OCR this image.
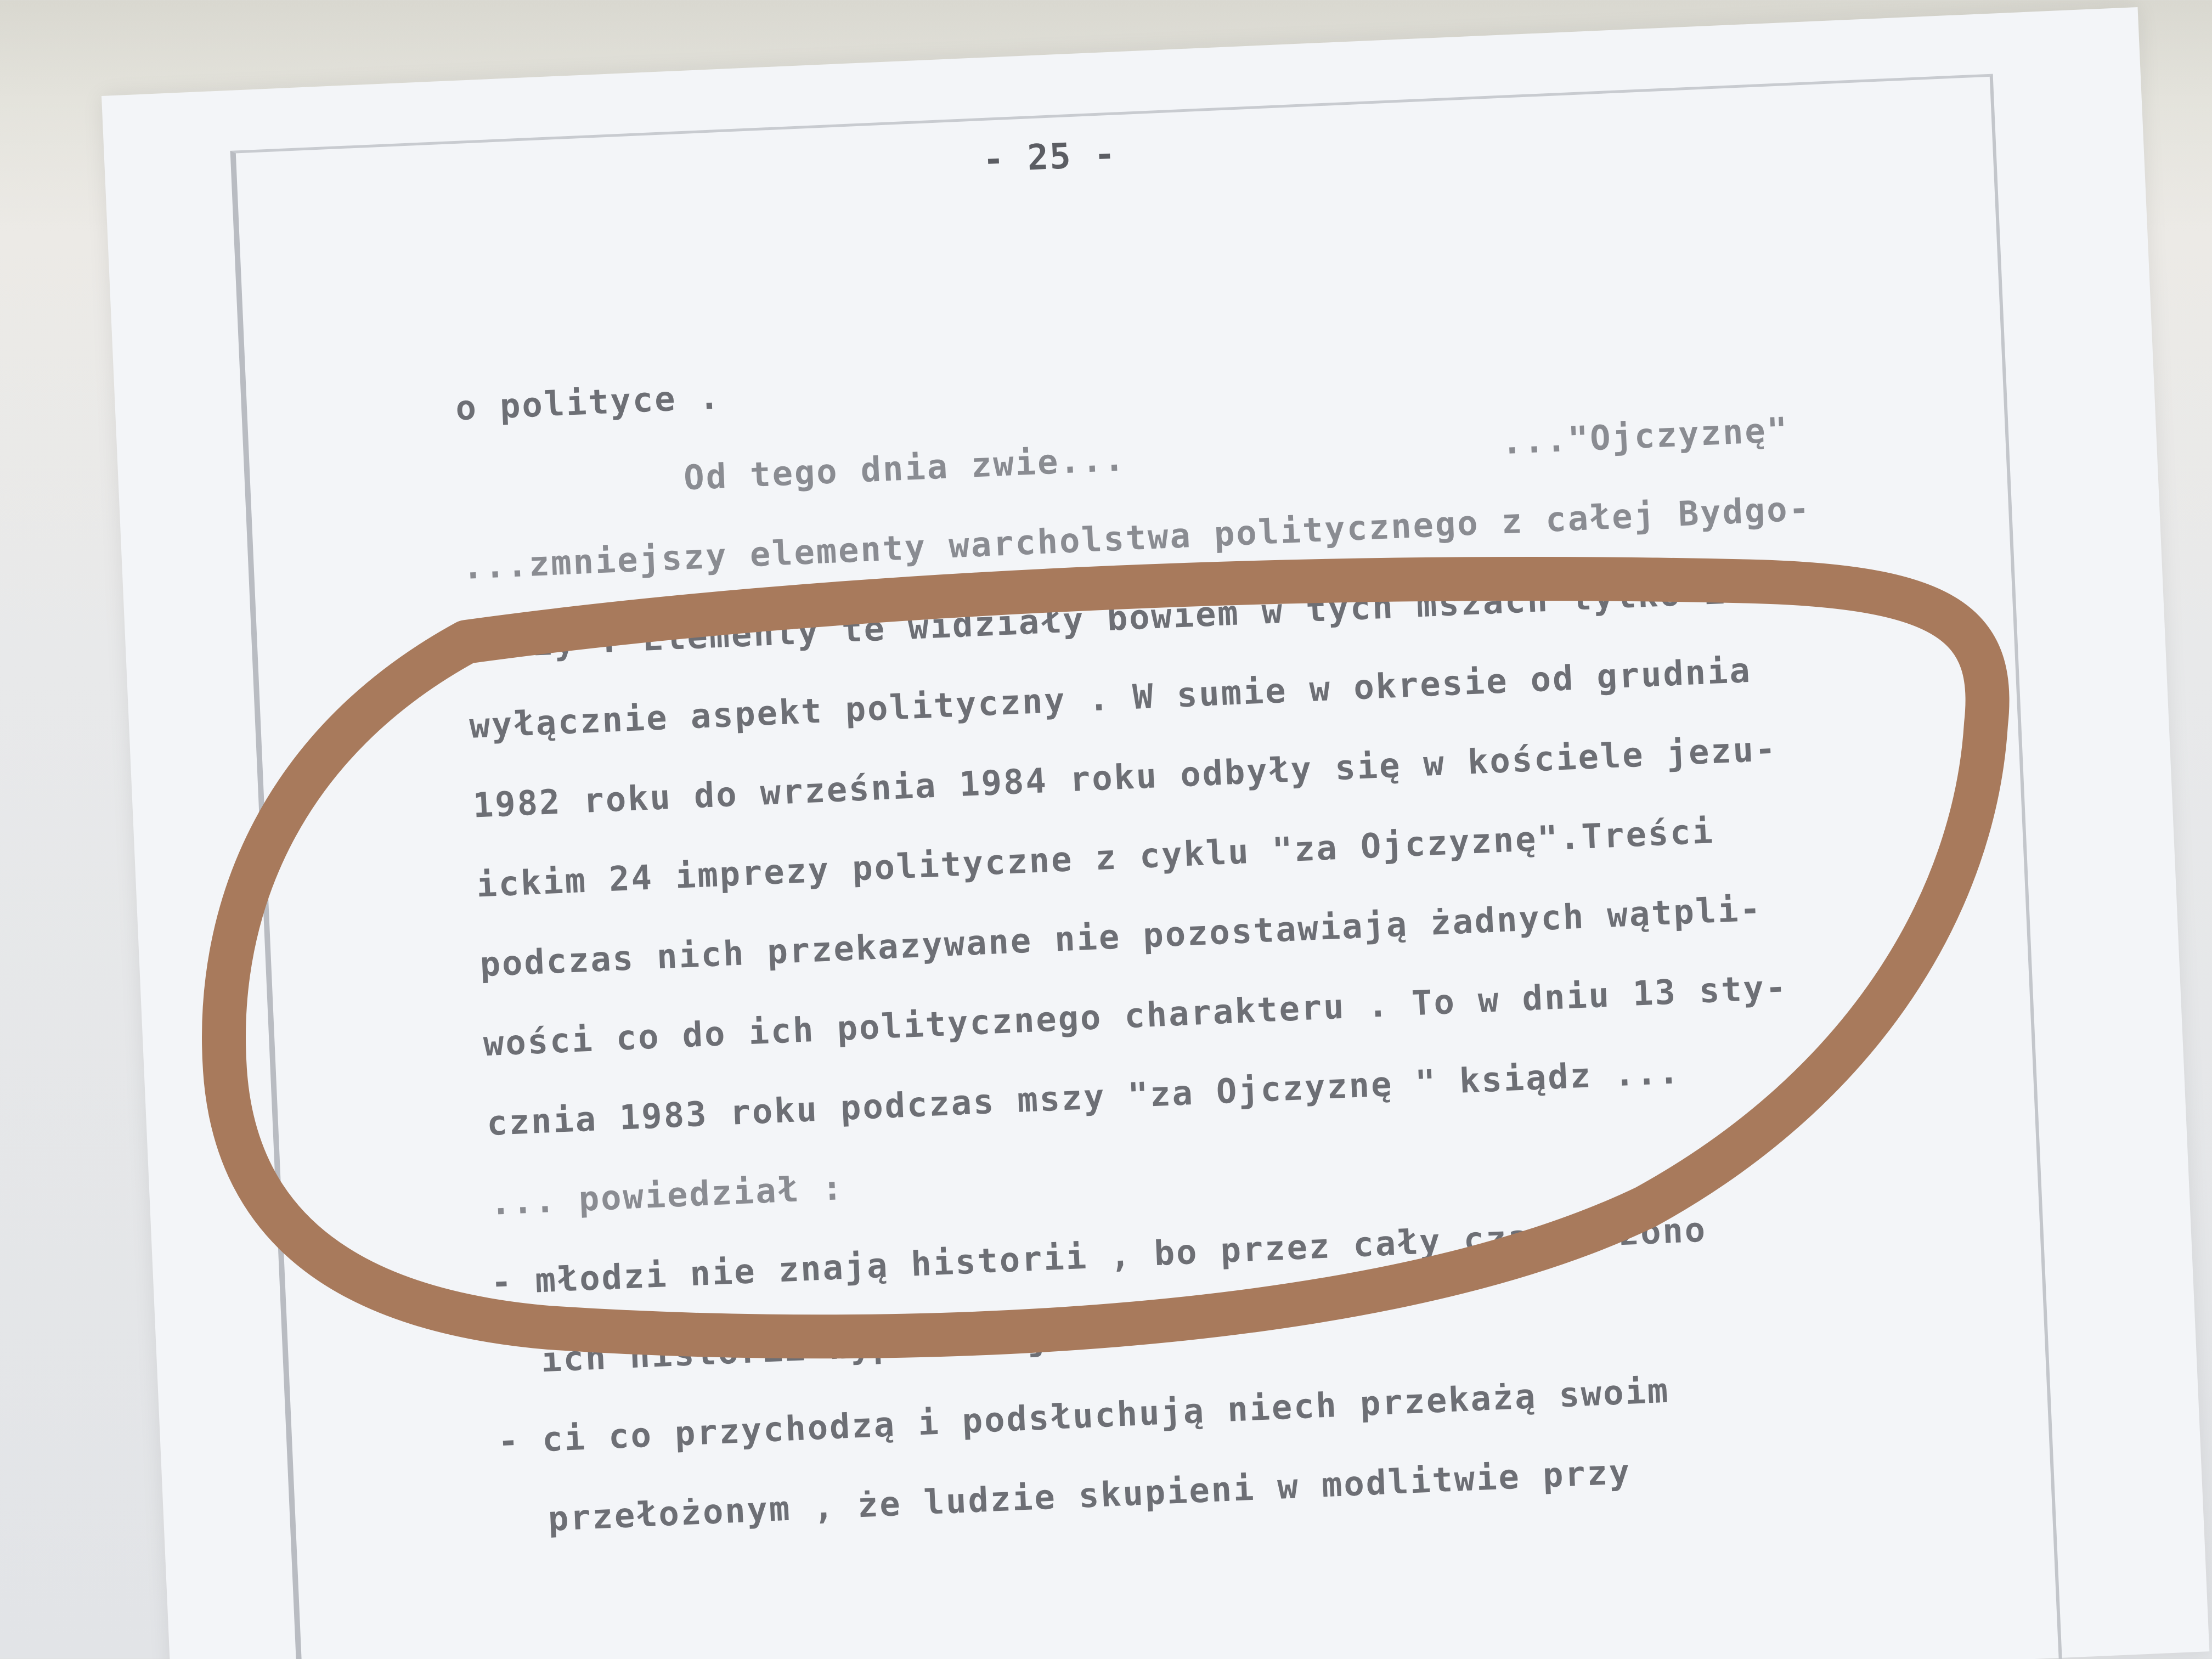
- 25 -
o polityce .
Od tego dnia zwie...                 ..."Ojczyznę"
...zmniejszy elementy warcholstwa politycznego z całej Bydgo-
szczy . Elementy te widziały bowiem w tych mszach tylko i
wyłącznie aspekt polityczny . W sumie w okresie od grudnia
1982 roku do września 1984 roku odbyły się w kościele jezu-
ickim 24 imprezy polityczne z cyklu "za Ojczyznę".Treści
podczas nich przekazywane nie pozostawiają żadnych wątpli-
wości co do ich politycznego charakteru . To w dniu 13 sty-
cznia 1983 roku podczas mszy "za Ojczyznę " ksiądz ...
... powiedział :
- młodzi nie znają historii , bo przez cały czas uczono
ich historii wypaczonej .
- ci co przychodzą i podsłuchują niech przekażą swoim
przełożonym , że ludzie skupieni w modlitwie przy
